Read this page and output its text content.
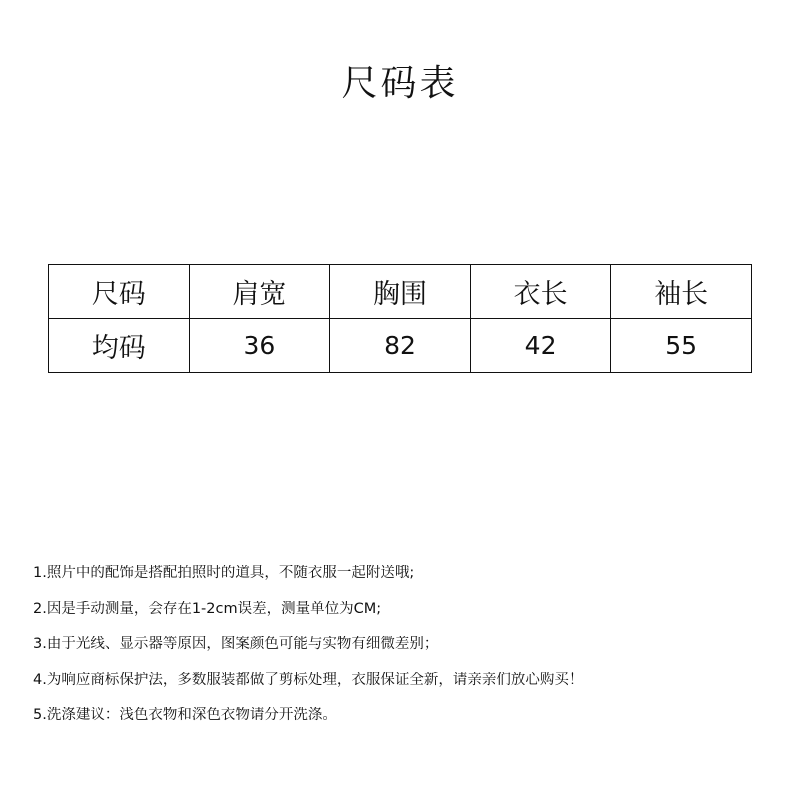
尺码表
尺码	肩宽	胸围	衣长	袖长
均码	36	82	42	55
1.照片中的配饰是搭配拍照时的道具，不随衣服一起附送哦;
2.因是手动测量，会存在1-2cm误差，测量单位为CM;
3.由于光线、显示器等原因，图案颜色可能与实物有细微差别；
4.为响应商标保护法，多数服装都做了剪标处理，衣服保证全新，请亲亲们放心购买！
5.洗涤建议：浅色衣物和深色衣物请分开洗涤。
